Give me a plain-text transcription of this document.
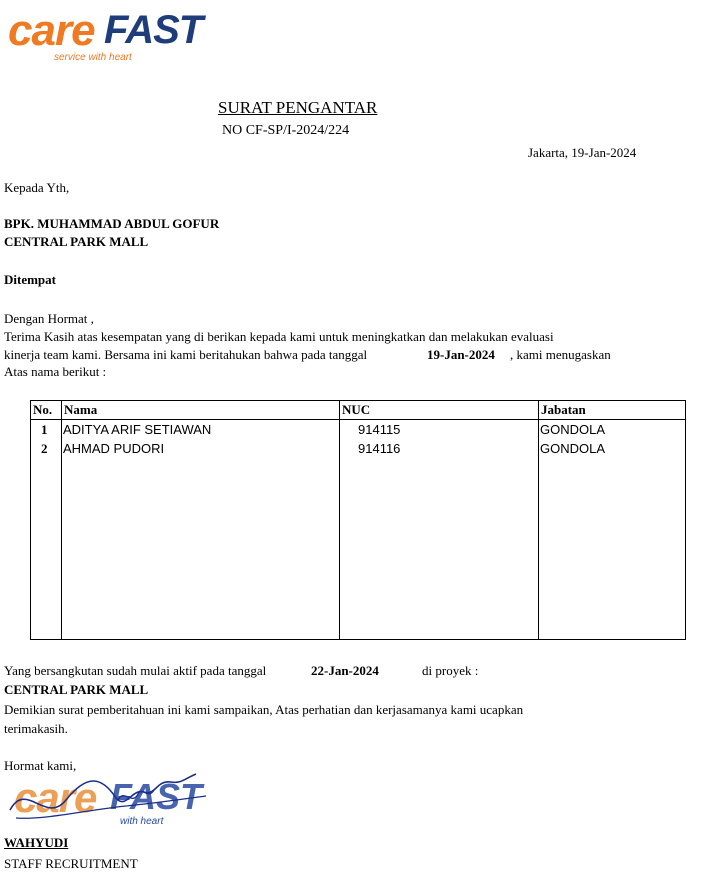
care FAST
service with heart
SURAT PENGANTAR
NO CF-SP/I-2024/224
Jakarta, 19-Jan-2024
Kepada Yth,
BPK. MUHAMMAD ABDUL GOFUR
CENTRAL PARK MALL
Ditempat
Dengan Hormat ,
Terima Kasih atas kesempatan yang di berikan kepada kami untuk meningkatkan dan melakukan evaluasi
kinerja team kami. Bersama ini kami beritahukan bahwa pada tanggal	19-Jan-2024 , kami menugaskan
Atas nama berikut :
No. Nama	NUC	Jabatan
1 ADITYA ARIF SETIAWAN	914115	GONDOLA
2 AHMAD PUDORI	914116	GONDOLA
Yang bersangkutan sudah mulai aktif pada tanggal	22-Jan-2024	di proyek :
CENTRAL PARK MALL
Demikian surat pemberitahuan ini kami sampaikan, Atas perhatian dan kerjasamanya kami ucapkan
terimakasih.
Hormat kami,
care FAST
with heart
WAHYUDI
STAFF RECRUITMENT
